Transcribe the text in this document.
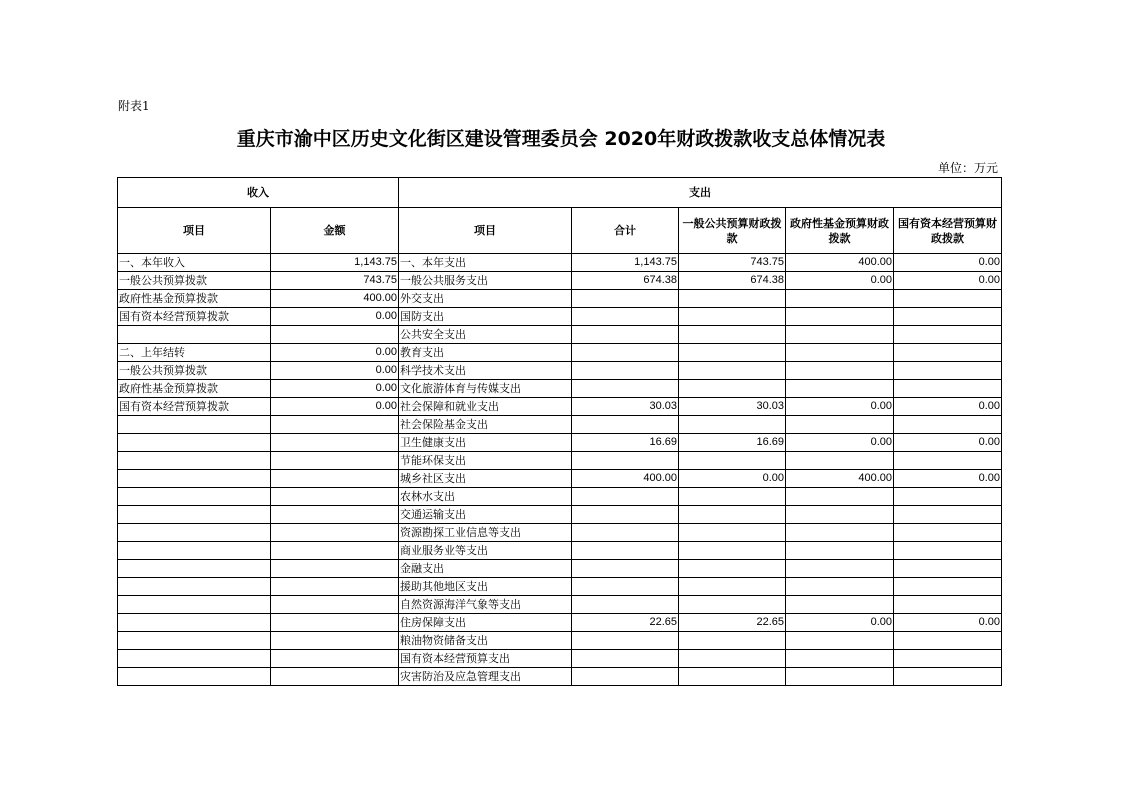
附表1
重庆市渝中区历史文化街区建设管理委员会 2020年财政拨款收支总体情况表
单位：万元
收入		支出				
项目	金额	项目	合计	一般公共预算财政拨款	政府性基金预算财政拨款	国有资本经营预算财政拨款
一、本年收入	1,143.75	一、本年支出	1,143.75	743.75	400.00	0.00
一般公共预算拨款	743.75	一般公共服务支出	674.38	674.38	0.00	0.00
政府性基金预算拨款	400.00	外交支出				
国有资本经营预算拨款	0.00	国防支出				
		公共安全支出				
二、上年结转	0.00	教育支出				
一般公共预算拨款	0.00	科学技术支出				
政府性基金预算拨款	0.00	文化旅游体育与传媒支出				
国有资本经营预算拨款	0.00	社会保障和就业支出	30.03	30.03	0.00	0.00
		社会保险基金支出				
		卫生健康支出	16.69	16.69	0.00	0.00
		节能环保支出				
		城乡社区支出	400.00	0.00	400.00	0.00
		农林水支出				
		交通运输支出				
		资源勘探工业信息等支出				
		商业服务业等支出				
		金融支出				
		援助其他地区支出				
		自然资源海洋气象等支出				
		住房保障支出	22.65	22.65	0.00	0.00
		粮油物资储备支出				
		国有资本经营预算支出				
		灾害防治及应急管理支出				
